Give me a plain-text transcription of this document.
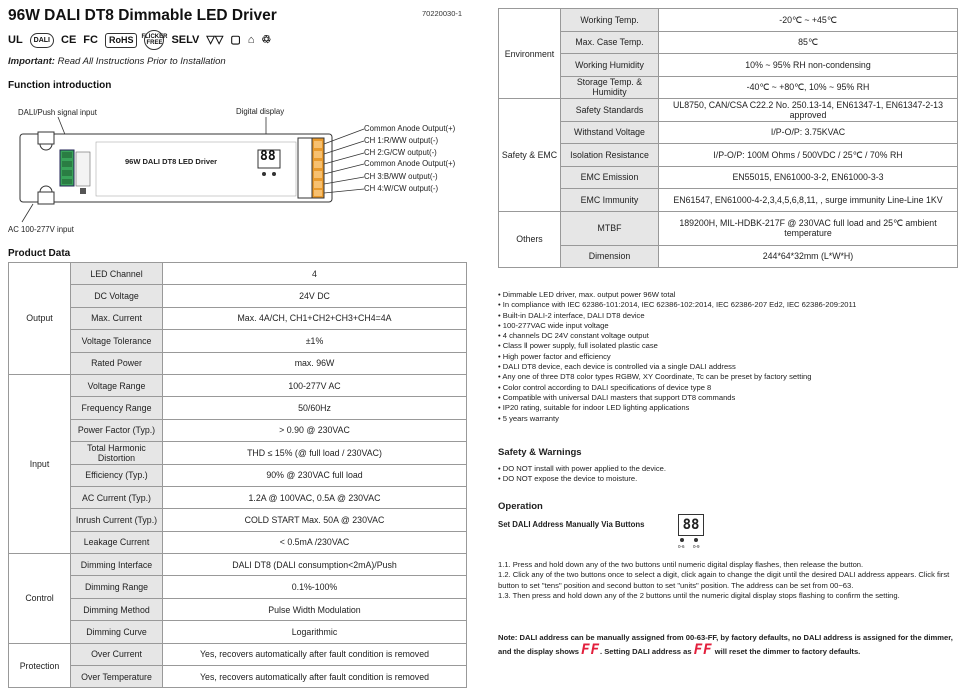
96W DALI DT8 Dimmable LED Driver	70220030-1
UL	DALI	CE FC	RoHS	FLICKER FREE SELV ▽▽ ▢ ⌂ ♲
Important: Read All Instructions Prior to Installation
Function introduction
DALI/Push signal input	Digital display
96W DALI DT8 LED Driver	88
Common Anode Output(+)
CH 1:R/WW output(-)
CH 2:G/CW output(-)
Common Anode Output(+)
CH 3:B/WW output(-)
CH 4:W/CW output(-)
AC 100-277V input
Product Data
Output	LED Channel	4
	DC Voltage	24V DC
	Max. Current	Max. 4A/CH, CH1+CH2+CH3+CH4=4A
	Voltage Tolerance	±1%
	Rated Power	max. 96W
Input	Voltage Range	100-277V AC
	Frequency Range	50/60Hz
	Power Factor (Typ.)	> 0.90 @ 230VAC
	Total Harmonic Distortion	THD ≤ 15% (@ full load / 230VAC)
	Efficiency (Typ.)	90% @ 230VAC full load
	AC Current (Typ.)	1.2A @ 100VAC, 0.5A @ 230VAC
	Inrush Current (Typ.)	COLD START Max. 50A @ 230VAC
	Leakage Current	< 0.5mA /230VAC
Control	Dimming Interface	DALI DT8 (DALI consumption<2mA)/Push
	Dimming Range	0.1%-100%
	Dimming Method	Pulse Width Modulation
	Dimming Curve	Logarithmic
Protection	Over Current	Yes, recovers automatically after fault condition is removed
	Over Temperature	Yes, recovers automatically after fault condition is removed
Environment	Working Temp.	-20℃ ~ +45℃
	Max. Case Temp.	85℃
	Working Humidity	10% ~ 95% RH non-condensing
	Storage Temp. & Humidity	-40℃ ~ +80℃, 10% ~ 95% RH
Safety & EMC	Safety Standards	UL8750, CAN/CSA C22.2 No. 250.13-14, EN61347-1, EN61347-2-13 approved
	Withstand Voltage	I/P-O/P: 3.75KVAC
	Isolation Resistance	I/P-O/P: 100M Ohms / 500VDC / 25℃ / 70% RH
	EMC Emission	EN55015, EN61000-3-2, EN61000-3-3
	EMC Immunity	EN61547, EN61000-4-2,3,4,5,6,8,11, , surge immunity Line-Line 1KV
Others	MTBF	189200H, MIL-HDBK-217F @ 230VAC full load and 25℃ ambient temperature
	Dimension	244*64*32mm (L*W*H)
• Dimmable LED driver, max. output power 96W total
• In compliance with IEC 62386-101:2014, IEC 62386-102:2014, IEC 62386-207 Ed2, IEC 62386-209:2011
• Built-in DALI-2 interface, DALI DT8 device
• 100-277VAC wide input voltage
• 4 channels DC 24V constant voltage output
• Class Ⅱ power supply, full isolated plastic case
• High power factor and efficiency
• DALI DT8 device, each device is controlled via a single DALI address
• Any one of three DT8 color types RGBW, XY Coordinate, Tc can be preset by factory setting
• Color control according to DALI specifications of device type 8
• Compatible with universal DALI masters that support DT8 commands
• IP20 rating, suitable for indoor LED lighting applications
• 5 years warranty
Safety & Warnings
• DO NOT install with power applied to the device.
• DO NOT expose the device to moisture.
Operation
Set DALI Address Manually Via Buttons	88
0-6 0-9
1.1. Press and hold down any of the two buttons until numeric digital display flashes, then release the button.
1.2. Click any of the two buttons once to select a digit, click again to change the digit until the desired DALI address appears. Click first button to set "tens" position and second button to set "units" position. The address can be set from 00~63.
1.3. Then press and hold down any of the 2 buttons until the numeric digital display stops flashing to confirm the setting.
Note: DALI address can be manually assigned from 00-63-FF, by factory defaults, no DALI address is assigned for the dimmer, and the display shows FF. Setting DALI address as FF will reset the dimmer to factory defaults.
